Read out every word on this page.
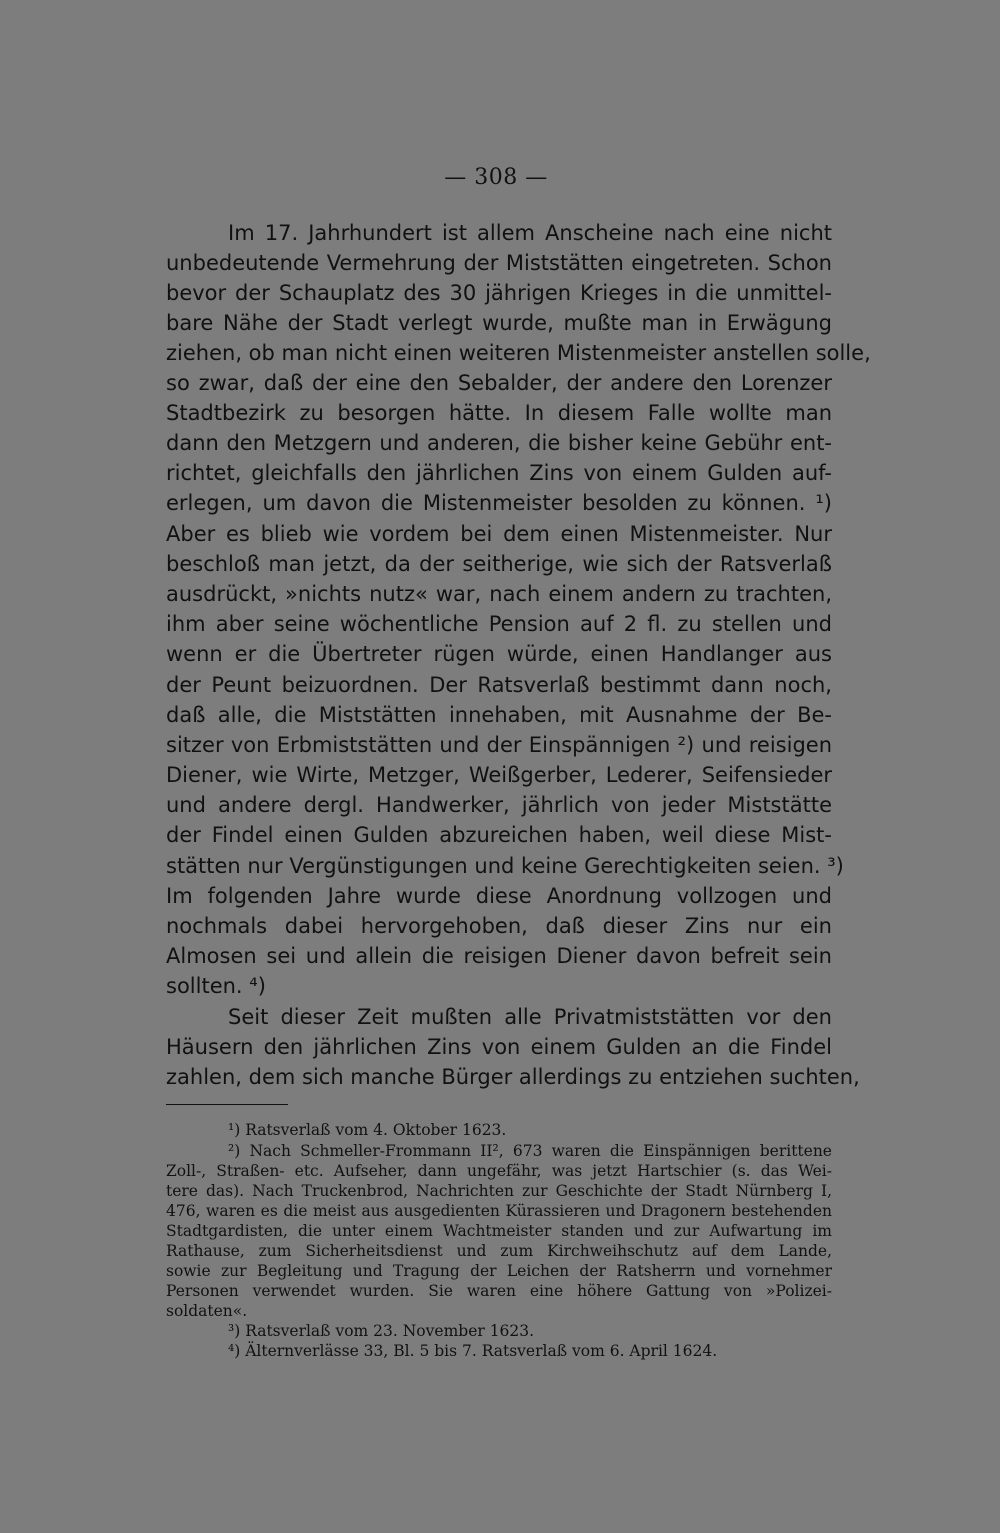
— 308 —
Im 17. Jahrhundert ist allem Anscheine nach eine nicht
unbedeutende Vermehrung der Miststätten eingetreten. Schon
bevor der Schauplatz des 30 jährigen Krieges in die unmittel-
bare Nähe der Stadt verlegt wurde, mußte man in Erwägung
ziehen, ob man nicht einen weiteren Mistenmeister anstellen solle,
so zwar, daß der eine den Sebalder, der andere den Lorenzer
Stadtbezirk zu besorgen hätte. In diesem Falle wollte man
dann den Metzgern und anderen, die bisher keine Gebühr ent-
richtet, gleichfalls den jährlichen Zins von einem Gulden auf-
erlegen, um davon die Mistenmeister besolden zu können. ¹)
Aber es blieb wie vordem bei dem einen Mistenmeister. Nur
beschloß man jetzt, da der seitherige, wie sich der Ratsverlaß
ausdrückt, »nichts nutz« war, nach einem andern zu trachten,
ihm aber seine wöchentliche Pension auf 2 fl. zu stellen und
wenn er die Übertreter rügen würde, einen Handlanger aus
der Peunt beizuordnen. Der Ratsverlaß bestimmt dann noch,
daß alle, die Miststätten innehaben, mit Ausnahme der Be-
sitzer von Erbmiststätten und der Einspännigen ²) und reisigen
Diener, wie Wirte, Metzger, Weißgerber, Lederer, Seifensieder
und andere dergl. Handwerker, jährlich von jeder Miststätte
der Findel einen Gulden abzureichen haben, weil diese Mist-
stätten nur Vergünstigungen und keine Gerechtigkeiten seien. ³)
Im folgenden Jahre wurde diese Anordnung vollzogen und
nochmals dabei hervorgehoben, daß dieser Zins nur ein
Almosen sei und allein die reisigen Diener davon befreit sein
sollten. ⁴)
Seit dieser Zeit mußten alle Privatmiststätten vor den
Häusern den jährlichen Zins von einem Gulden an die Findel
zahlen, dem sich manche Bürger allerdings zu entziehen suchten,
¹) Ratsverlaß vom 4. Oktober 1623.
²) Nach Schmeller-Frommann II², 673 waren die Einspännigen berittene
Zoll-, Straßen- etc. Aufseher, dann ungefähr, was jetzt Hartschier (s. das Wei-
tere das). Nach Truckenbrod, Nachrichten zur Geschichte der Stadt Nürnberg I,
476, waren es die meist aus ausgedienten Kürassieren und Dragonern bestehenden
Stadtgardisten, die unter einem Wachtmeister standen und zur Aufwartung im
Rathause, zum Sicherheitsdienst und zum Kirchweihschutz auf dem Lande,
sowie zur Begleitung und Tragung der Leichen der Ratsherrn und vornehmer
Personen verwendet wurden. Sie waren eine höhere Gattung von »Polizei-
soldaten«.
³) Ratsverlaß vom 23. November 1623.
⁴) Älternverlässe 33, Bl. 5 bis 7. Ratsverlaß vom 6. April 1624.
